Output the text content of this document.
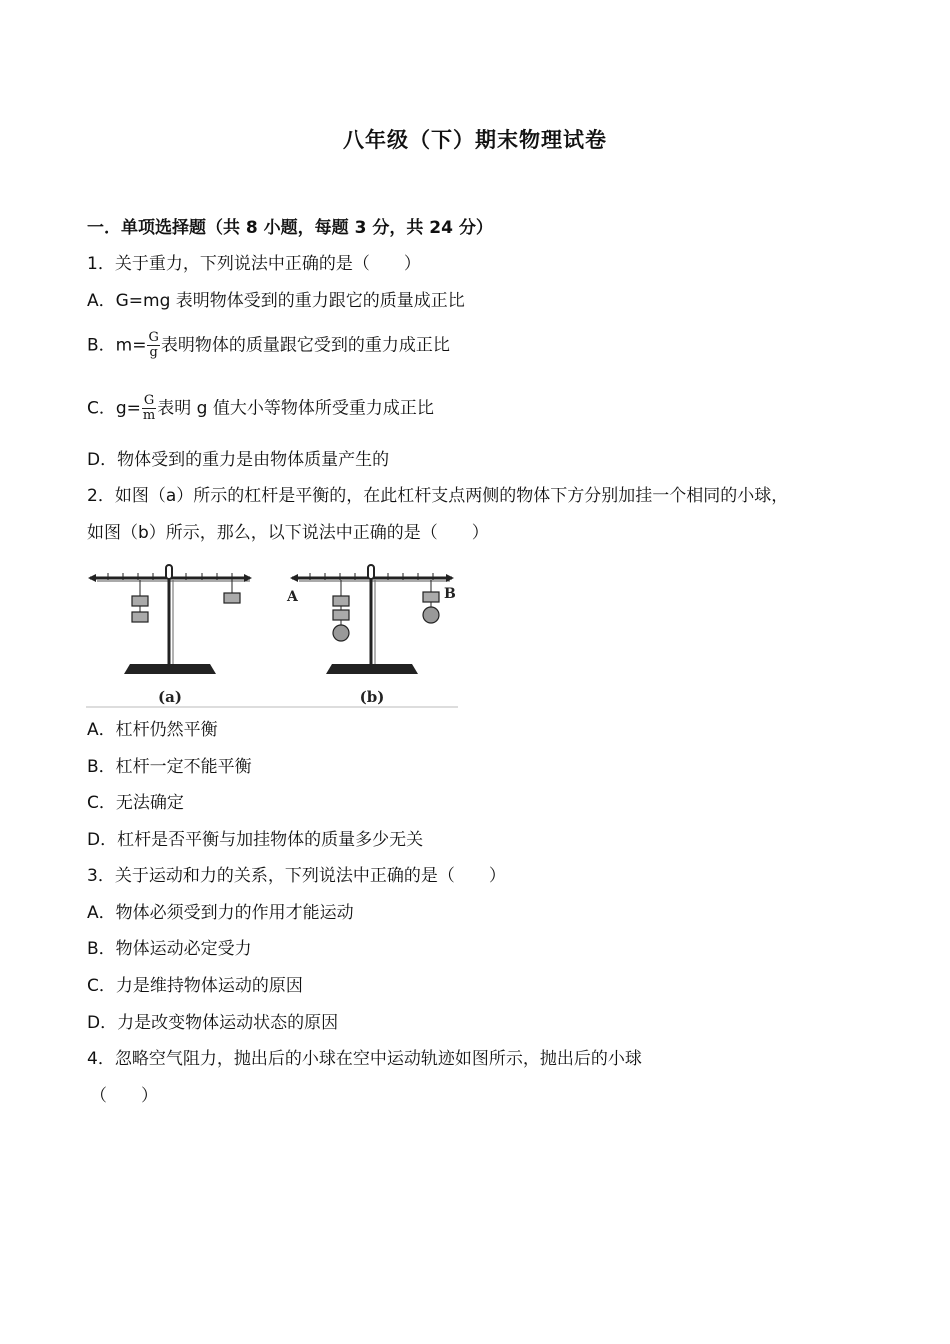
八年级（下）期末物理试卷
一．单项选择题（共 8 小题，每题 3 分，共 24 分）
1．关于重力，下列说法中正确的是（　　）
A．G=mg 表明物体受到的重力跟它的质量成正比
B．$m= \frac{G}{g}$ 表明物体的质量跟它受到的重力成正比
C．$g= \frac{G}{m}$ 表明 g 值大小等物体所受重力成正比
D．物体受到的重力是由物体质量产生的
2．如图（a）所示的杠杆是平衡的，在此杠杆支点两侧的物体下方分别加挂一个相同的小球，
如图（b）所示，那么，以下说法中正确的是（　　）
(a)
A	B
(b)
A．杠杆仍然平衡
B．杠杆一定不能平衡
C．无法确定
D．杠杆是否平衡与加挂物体的质量多少无关
3．关于运动和力的关系，下列说法中正确的是（　　）
A．物体必须受到力的作用才能运动
B．物体运动必定受力
C．力是维持物体运动的原因
D．力是改变物体运动状态的原因
4．忽略空气阻力，抛出后的小球在空中运动轨迹如图所示，抛出后的小球
（　　）
